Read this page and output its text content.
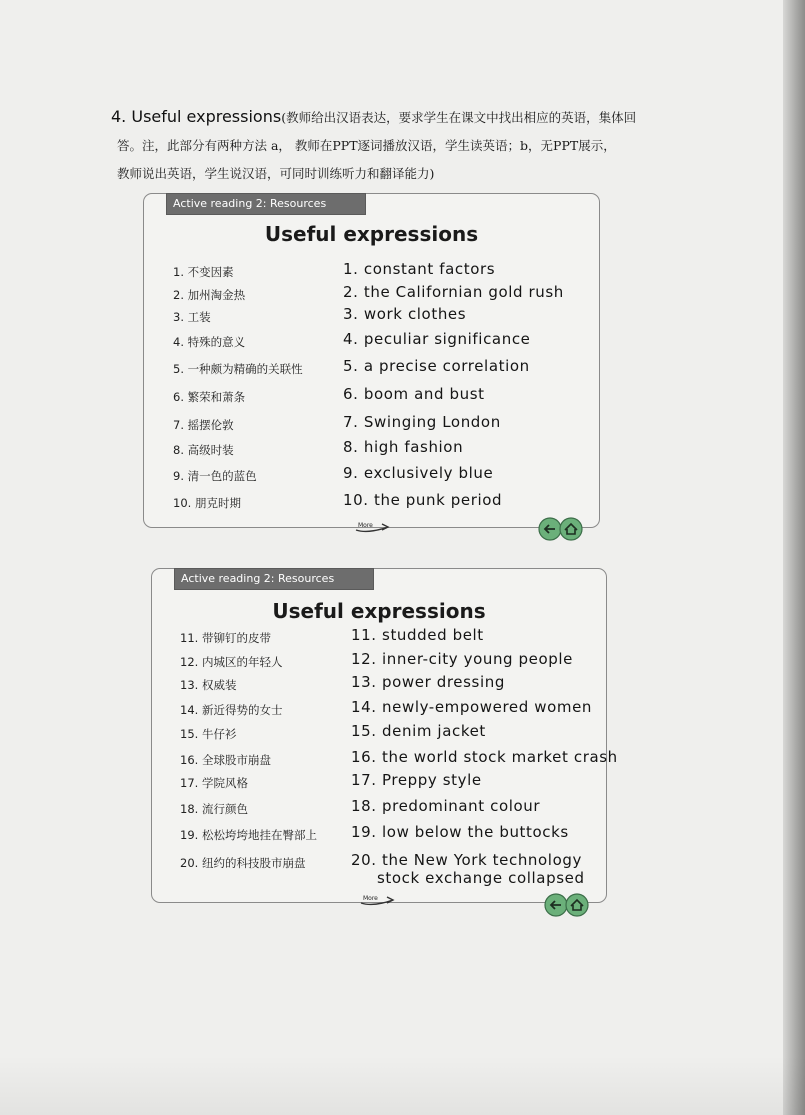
4. Useful expressions(教师给出汉语表达，要求学生在课文中找出相应的英语，集体回
答。注，此部分有两种方法 a， 教师在PPT逐词播放汉语，学生读英语；b，无PPT展示，
教师说出英语，学生说汉语，可同时训练听力和翻译能力)
Active reading 2: Resources
Useful expressions
1. 不变因素	1. constant factors
2. 加州淘金热	2. the Californian gold rush
3. 工装	3. work clothes
4. 特殊的意义	4. peculiar significance
5. 一种颇为精确的关联性	5. a precise correlation
6. 繁荣和萧条	6. boom and bust
7. 摇摆伦敦	7. Swinging London
8. 高级时装	8. high fashion
9. 清一色的蓝色	9. exclusively blue
10. 朋克时期	10. the punk period
More
Active reading 2: Resources
Useful expressions
11. 带铆钉的皮带	11. studded belt
12. 内城区的年轻人	12. inner-city young people
13. 权威装	13. power dressing
14. 新近得势的女士	14. newly-empowered women
15. 牛仔衫	15. denim jacket
16. 全球股市崩盘	16. the world stock market crash
17. 学院风格	17. Preppy style
18. 流行颜色	18. predominant colour
19. 松松垮垮地挂在臀部上 19. low below the buttocks
20. 纽约的科技股市崩盘	20. the New York technology
stock exchange collapsed
More
